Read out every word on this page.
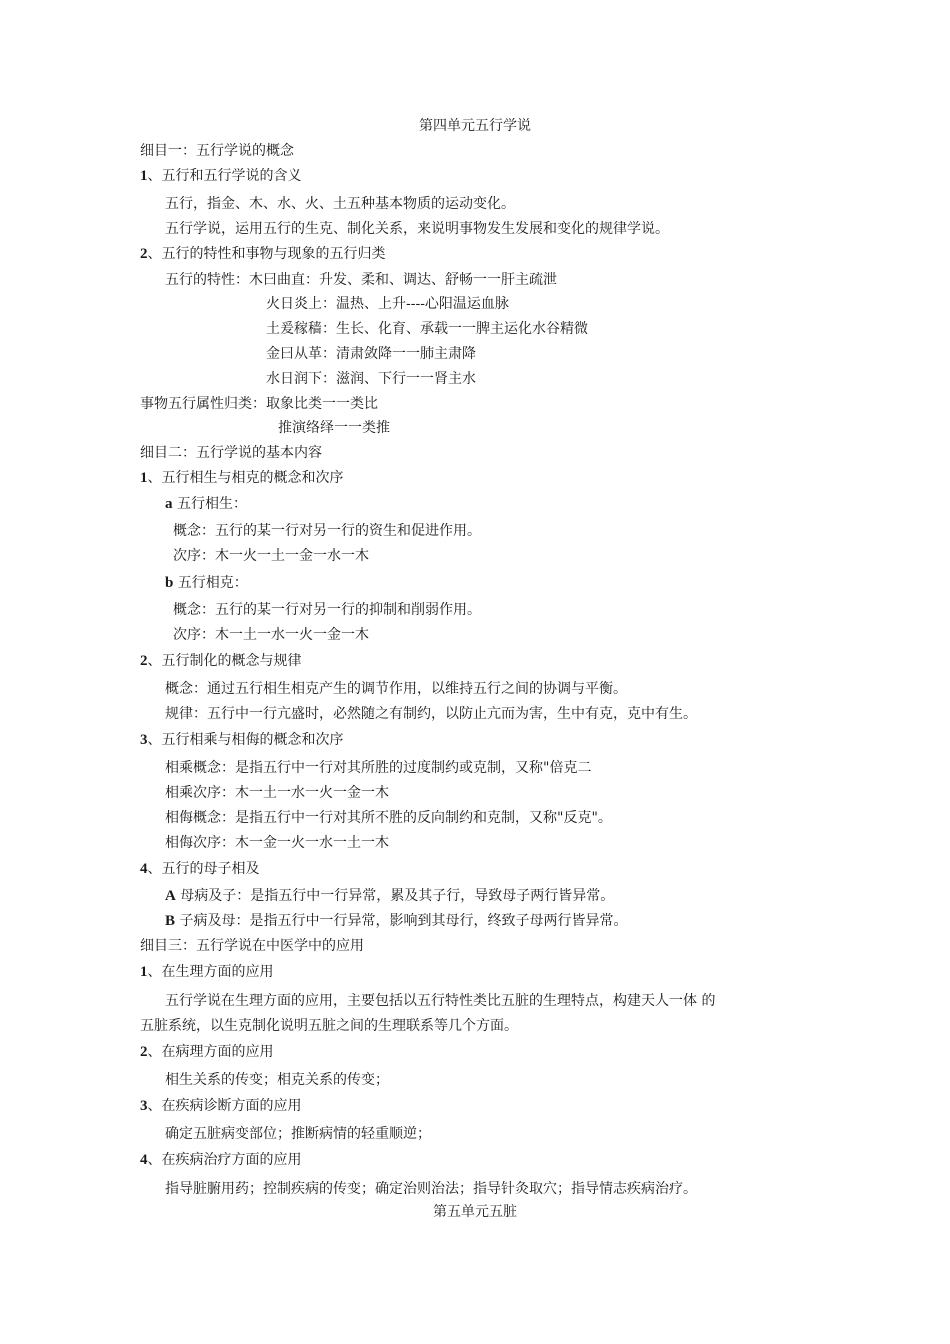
第四单元五行学说
细目一：五行学说的概念
1、五行和五行学说的含义
五行，指金、木、水、火、土五种基本物质的运动变化。
五行学说，运用五行的生克、制化关系，来说明事物发生发展和变化的规律学说。
2、五行的特性和事物与现象的五行归类
五行的特性：木曰曲直：升发、柔和、调达、舒畅一一肝主疏泄
火日炎上：温热、上升----心阳温运血脉
土爰稼穑：生长、化育、承载一一脾主运化水谷精微
金曰从革：清肃敛降一一肺主肃降
水日润下：滋润、下行一一肾主水
事物五行属性归类：取象比类一一类比
推演络绎一一类推
细目二：五行学说的基本内容
1、五行相生与相克的概念和次序
a 五行相生：
概念：五行的某一行对另一行的资生和促进作用。
次序：木一火一土一金一水一木
b 五行相克：
概念：五行的某一行对另一行的抑制和削弱作用。
次序：木一土一水一火一金一木
2、五行制化的概念与规律
概念：通过五行相生相克产生的调节作用，以维持五行之间的协调与平衡。
规律：五行中一行亢盛时，必然随之有制约，以防止亢而为害，生中有克，克中有生。
3、五行相乘与相侮的概念和次序
相乘概念：是指五行中一行对其所胜的过度制约或克制，又称"倍克二
相乘次序：木一土一水一火一金一木
相侮概念：是指五行中一行对其所不胜的反向制约和克制，又称"反克"。
相侮次序：木一金一火一水一土一木
4、五行的母子相及
A 母病及子：是指五行中一行异常，累及其子行，导致母子两行皆异常。
B 子病及母：是指五行中一行异常，影响到其母行，终致子母两行皆异常。
细目三：五行学说在中医学中的应用
1、在生理方面的应用
五行学说在生理方面的应用，主要包括以五行特性类比五脏的生理特点，构建天人一体 的
五脏系统，以生克制化说明五脏之间的生理联系等几个方面。
2、在病理方面的应用
相生关系的传变；相克关系的传变；
3、在疾病诊断方面的应用
确定五脏病变部位；推断病情的轻重顺逆；
4、在疾病治疗方面的应用
指导脏腑用药；控制疾病的传变；确定治则治法；指导针灸取穴；指导情志疾病治疗。
第五单元五脏
